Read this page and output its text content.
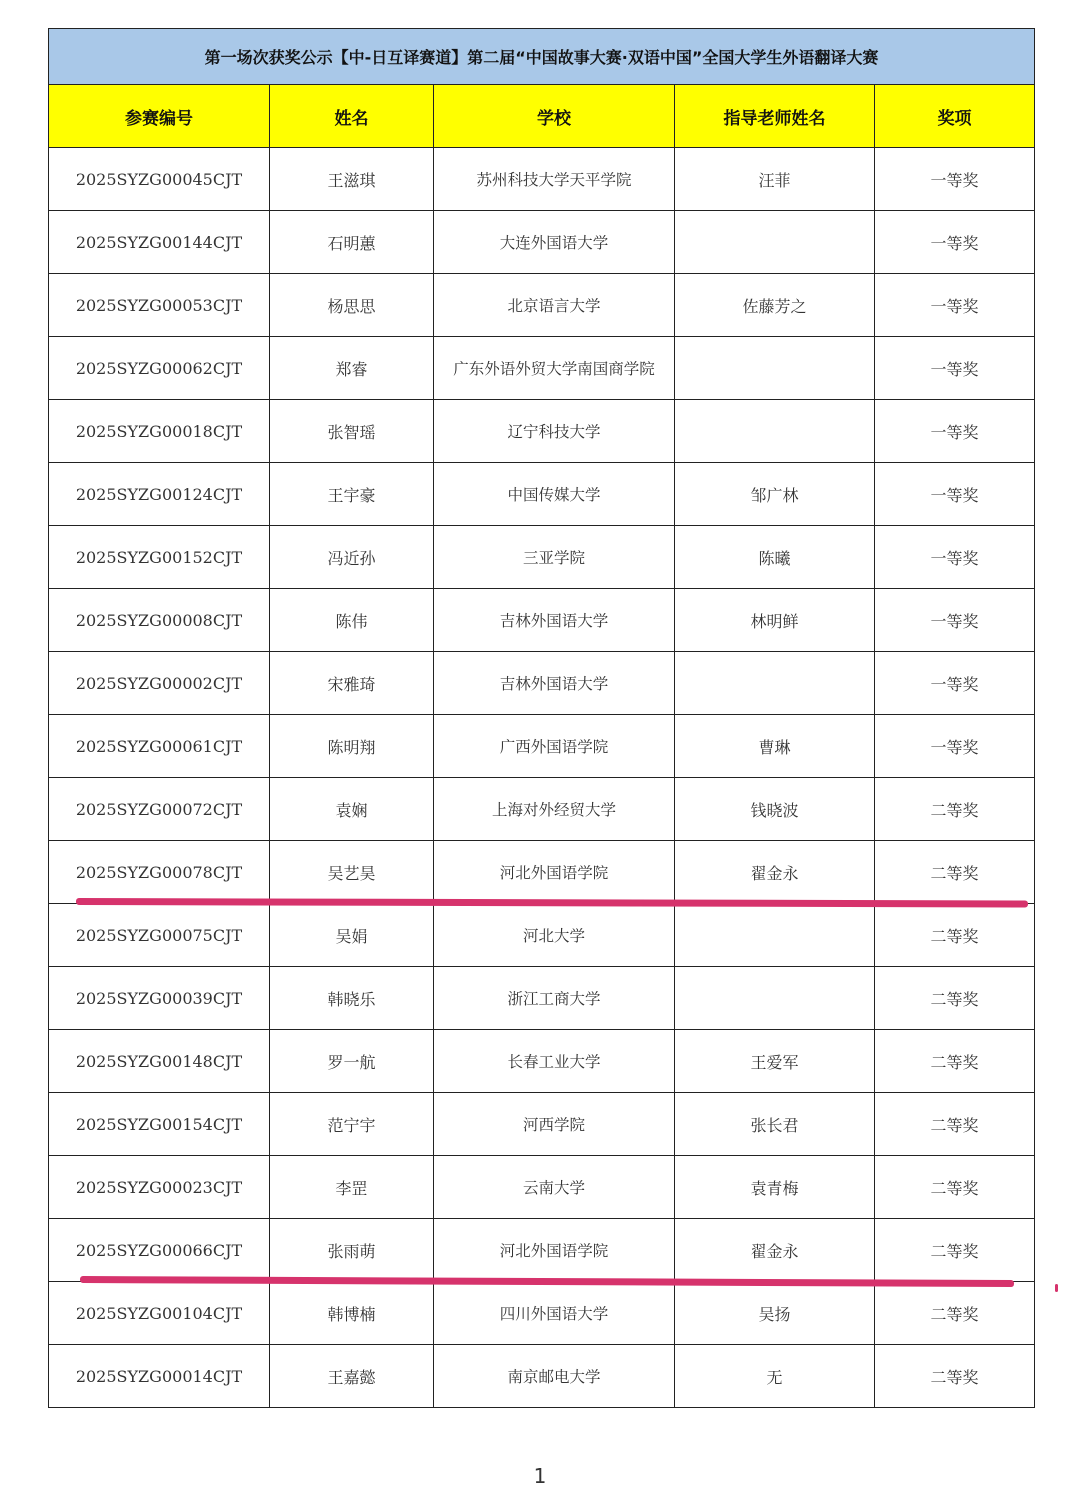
第一场次获奖公示【中-日互译赛道】第二届“中国故事大赛·双语中国”全国大学生外语翻译大赛				
参赛编号	姓名	学校	指导老师姓名	奖项
2025SYZG00045CJT	王滋琪	苏州科技大学天平学院	汪菲	一等奖
2025SYZG00144CJT	石明蕙	大连外国语大学		一等奖
2025SYZG00053CJT	杨思思	北京语言大学	佐藤芳之	一等奖
2025SYZG00062CJT	郑睿	广东外语外贸大学南国商学院		一等奖
2025SYZG00018CJT	张智瑶	辽宁科技大学		一等奖
2025SYZG00124CJT	王宇豪	中国传媒大学	邹广林	一等奖
2025SYZG00152CJT	冯近孙	三亚学院	陈曦	一等奖
2025SYZG00008CJT	陈伟	吉林外国语大学	林明鲜	一等奖
2025SYZG00002CJT	宋雅琦	吉林外国语大学		一等奖
2025SYZG00061CJT	陈明翔	广西外国语学院	曹琳	一等奖
2025SYZG00072CJT	袁娴	上海对外经贸大学	钱晓波	二等奖
2025SYZG00078CJT	吴艺昊	河北外国语学院	翟金永	二等奖
2025SYZG00075CJT	吴娟	河北大学		二等奖
2025SYZG00039CJT	韩晓乐	浙江工商大学		二等奖
2025SYZG00148CJT	罗一航	长春工业大学	王爱军	二等奖
2025SYZG00154CJT	范宁宇	河西学院	张长君	二等奖
2025SYZG00023CJT	李罡	云南大学	袁青梅	二等奖
2025SYZG00066CJT	张雨萌	河北外国语学院	翟金永	二等奖
2025SYZG00104CJT	韩博楠	四川外国语大学	吴扬	二等奖
2025SYZG00014CJT	王嘉懿	南京邮电大学	无	二等奖
1
